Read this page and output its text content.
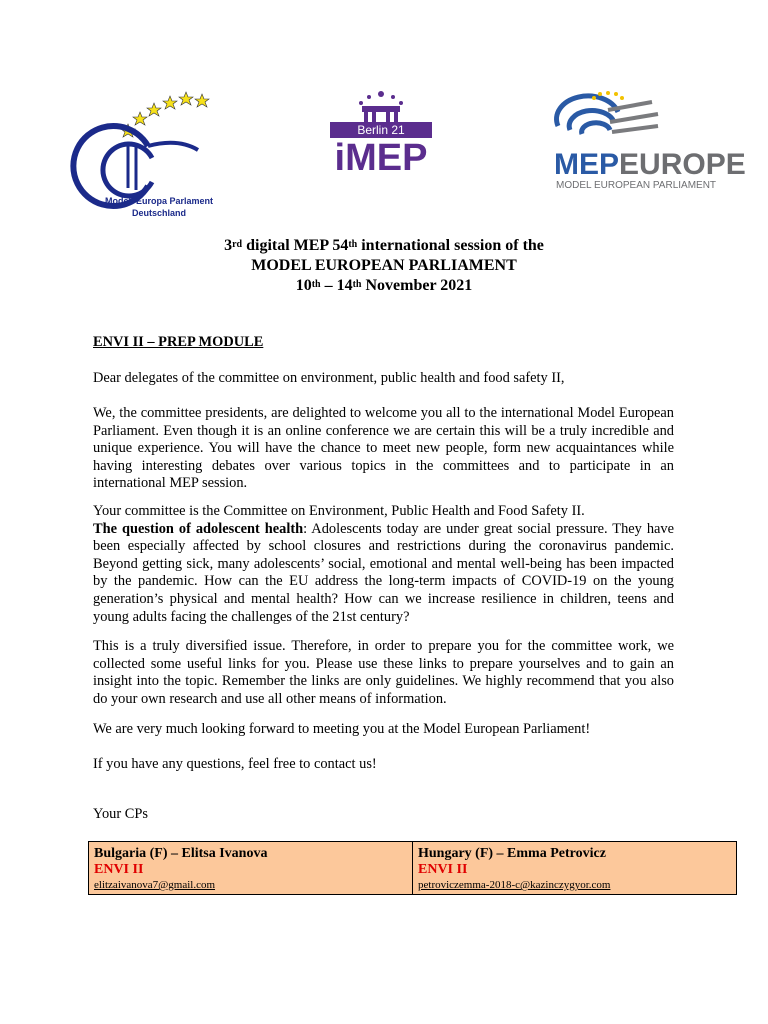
Modell Europa Parlament
Deutschland
Berlin 21
iMEP	MEPEUROPE
MODEL EUROPEAN PARLIAMENT
3rd digital MEP 54th international session of the
MODEL EUROPEAN PARLIAMENT
10th – 14th November 2021
ENVI II – PREP MODULE
Dear delegates of the committee on environment, public health and food safety II,
We, the committee presidents, are delighted to welcome you all to the international Model European Parliament. Even though it is an online conference we are certain this will be a truly incredible and unique experience. You will have the chance to meet new people, form new acquaintances while having interesting debates over various topics in the committees and to participate in an international MEP session.
Your committee is the Committee on Environment, Public Health and Food Safety II.
The question of adolescent health: Adolescents today are under great social pressure. They have been especially affected by school closures and restrictions during the coronavirus pandemic. Beyond getting sick, many adolescents’ social, emotional and mental well-being has been impacted by the pandemic. How can the EU address the long-term impacts of COVID-19 on the young generation’s physical and mental health? How can we increase resilience in children, teens and young adults facing the challenges of the 21st century?
This is a truly diversified issue. Therefore, in order to prepare you for the committee work, we collected some useful links for you. Please use these links to prepare yourselves and to gain an insight into the topic. Remember the links are only guidelines. We highly recommend that you also do your own research and use all other means of information.
We are very much looking forward to meeting you at the Model European Parliament!
If you have any questions, feel free to contact us!
Your CPs
Bulgaria (F) – Elitsa Ivanova
ENVI II
elitzaivanova7@gmail.com

Hungary (F) – Emma Petrovicz
ENVI II
petroviczemma-2018-c@kazinczygyor.com
